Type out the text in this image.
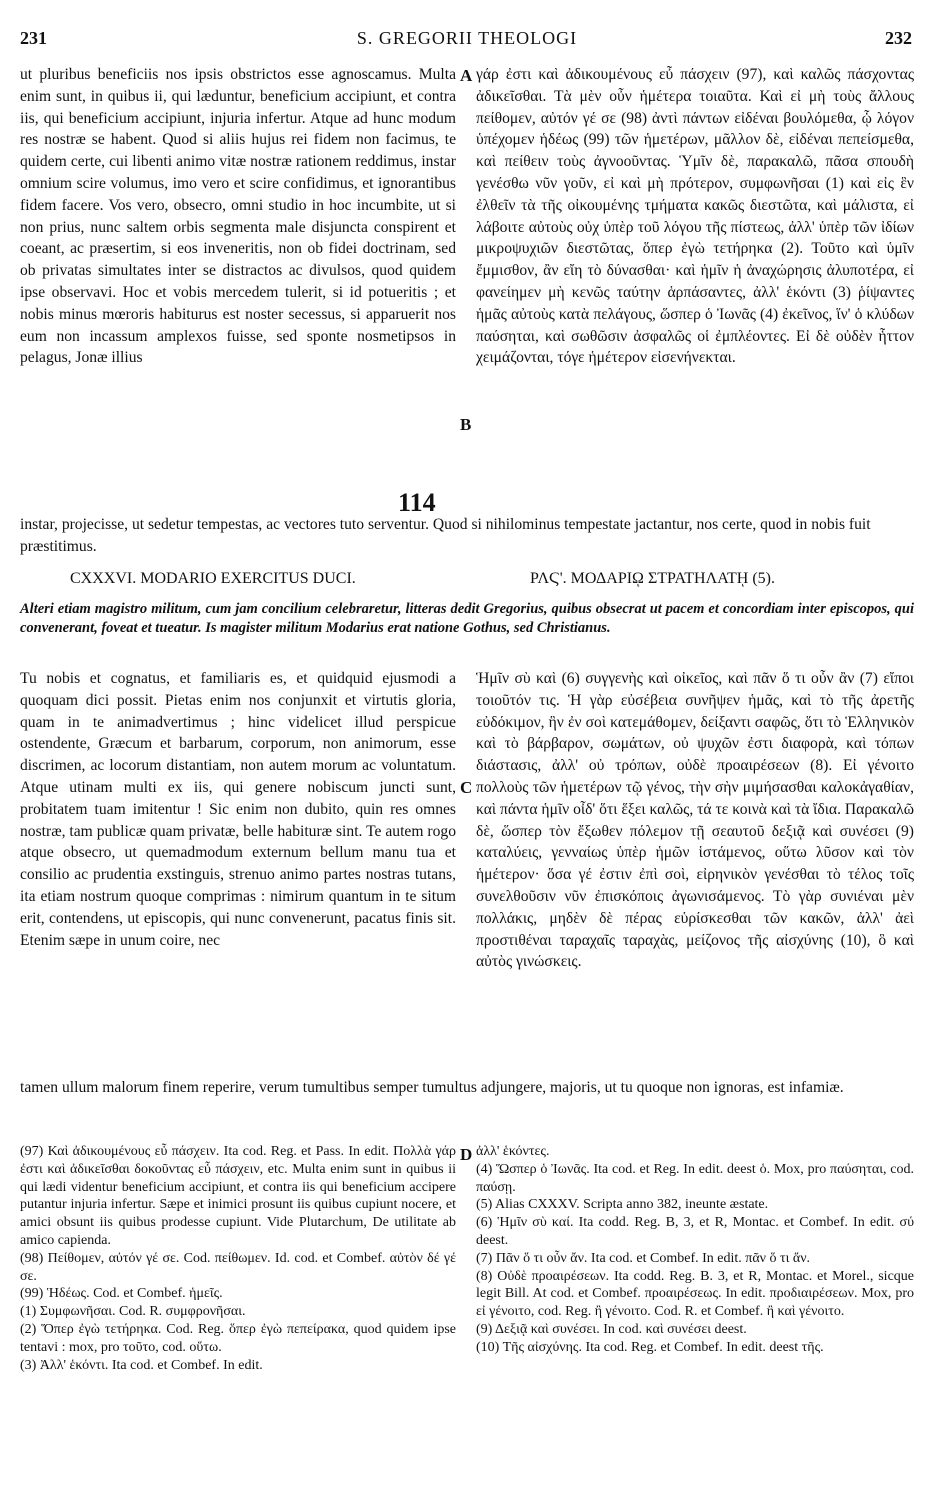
231	S. GREGORII THEOLOGI	232
ut pluribus beneficiis nos ipsis obstrictos esse agnoscamus. Multa enim sunt, in quibus ii, qui læduntur, beneficium accipiunt, et contra iis, qui beneficium accipiunt, injuria infertur. Atque ad hunc modum res nostræ se habent. Quod si aliis hujus rei fidem non facimus, te quidem certe, cui libenti animo vitæ nostræ rationem reddimus, instar omnium scire volumus, imo vero et scire confidimus, et ignorantibus fidem facere. Vos vero, obsecro, omni studio in hoc incumbite, ut si non prius, nunc saltem orbis segmenta male disjuncta conspirent et coeant, ac præsertim, si eos inveneritis, non ob fidei doctrinam, sed ob privatas simultates inter se distractos ac divulsos, quod quidem ipse observavi. Hoc et vobis mercedem tulerit, si id potueritis ; et nobis minus mœroris habiturus est noster secessus, si apparuerit nos eum non incassum amplexos fuisse, sed sponte nosmetipsos in pelagus, Jonæ illius
A γάρ ἐστι καὶ ἀδικουμένους εὖ πάσχειν (97), καὶ καλῶς πάσχοντας ἀδικεῖσθαι. Τὰ μὲν οὖν ἡμέτερα τοιαῦτα. Καὶ εἰ μὴ τοὺς ἄλλους πείθομεν, αὐτόν γέ σε (98) ἀντὶ πάντων εἰδέναι βουλόμεθα, ᾧ λόγον ὑπέχομεν ἡδέως (99) τῶν ἡμετέρων, μᾶλλον δὲ, εἰδέναι πεπείσμεθα, καὶ πείθειν τοὺς ἀγνοοῦντας. Ὑμῖν δὲ, παρακαλῶ, πᾶσα σπουδὴ γενέσθω νῦν γοῦν, εἰ καὶ μὴ πρότερον, συμφωνῆσαι (1) καὶ εἰς ἓν ἐλθεῖν τὰ τῆς οἰκουμένης τμήματα κακῶς διεστῶτα, καὶ μάλιστα, εἰ λάβοιτε αὐτοὺς οὐχ ὑπὲρ τοῦ λόγου τῆς πίστεως, ἀλλ' ὑπὲρ τῶν ἰδίων μικροψυχιῶν διεστῶτας, ὅπερ ἐγὼ τετήρηκα (2). Τοῦτο καὶ ὑμῖν ἔμμισθον, ἂν εἴη τὸ δύνασθαι· καὶ ἡμῖν ἡ ἀναχώρησις ἀλυποτέρα, εἰ φανείημεν μὴ κενῶς ταύτην ἁρπάσαντες, ἀλλ' ἑκόντι (3) ῥίψαντες ἡμᾶς αὐτοὺς κατὰ πελάγους, ὥσπερ ὁ Ἰωνᾶς (4) ἐκεῖνος, ἵν' ὁ κλύδων παύσηται, καὶ σωθῶσιν ἀσφαλῶς οἱ ἐμπλέοντες. Εἰ δὲ οὐδὲν ἧττον χειμάζονται, τόγε ἡμέτερον εἰσενήνεκται.
B
114
instar, projecisse, ut sedetur tempestas, ac vectores tuto serventur. Quod si nihilominus tempestate jactantur, nos certe, quod in nobis fuit præstitimus.
CXXXVI. MODARIO EXERCITUS DUCI.	ΡΛϚ'. ΜΟΔΑΡΙῼ ΣΤΡΑΤΗΛΑΤῌ (5).
Alteri etiam magistro militum, cum jam concilium celebraretur, litteras dedit Gregorius, quibus obsecrat ut pacem et concordiam inter episcopos, qui convenerant, foveat et tueatur. Is magister militum Modarius erat natione Gothus, sed Christianus.
Tu nobis et cognatus, et familiaris es, et quidquid ejusmodi a quoquam dici possit. Pietas enim nos conjunxit et virtutis gloria, quam in te animadvertimus ; hinc videlicet illud perspicue ostendente, Græcum et barbarum, corporum, non animorum, esse discrimen, ac locorum distantiam, non autem morum ac voluntatum. Atque utinam multi ex iis, qui genere nobiscum juncti sunt, probitatem tuam imitentur ! Sic enim non dubito, quin res omnes nostræ, tam publicæ quam privatæ, belle habituræ sint. Te autem rogo atque obsecro, ut quemadmodum externum bellum manu tua et consilio ac prudentia exstinguis, strenuo animo partes nostras tutans, ita etiam nostrum quoque comprimas : nimirum quantum in te situm erit, contendens, ut episcopis, qui nunc convenerunt, pacatus finis sit. Etenim sæpe in unum coire, nec
C
Ἡμῖν σὺ καὶ (6) συγγενὴς καὶ οἰκεῖος, καὶ πᾶν ὅ τι οὖν ἂν (7) εἴποι τοιοῦτόν τις. Ἡ γὰρ εὐσέβεια συνῆψεν ἡμᾶς, καὶ τὸ τῆς ἀρετῆς εὐδόκιμον, ἣν ἐν σοὶ κατεμάθομεν, δείξαντι σαφῶς, ὅτι τὸ Ἑλληνικὸν καὶ τὸ βάρβαρον, σωμάτων, οὐ ψυχῶν ἐστι διαφορὰ, καὶ τόπων διάστασις, ἀλλ' οὐ τρόπων, οὐδὲ προαιρέσεων (8). Εἰ γένοιτο πολλοὺς τῶν ἡμετέρων τῷ γένος, τὴν σὴν μιμήσασθαι καλοκἀγαθίαν, καὶ πάντα ἡμῖν οἶδ' ὅτι ἕξει καλῶς, τά τε κοινὰ καὶ τὰ ἴδια. Παρακαλῶ δὲ, ὥσπερ τὸν ἔξωθεν πόλεμον τῇ σεαυτοῦ δεξιᾷ καὶ συνέσει (9) καταλύεις, γενναίως ὑπὲρ ἡμῶν ἱστάμενος, οὕτω λῦσον καὶ τὸν ἡμέτερον· ὅσα γέ ἐστιν ἐπὶ σοὶ, εἰρηνικὸν γενέσθαι τὸ τέλος τοῖς συνελθοῦσιν νῦν ἐπισκόποις ἀγωνισάμενος. Τὸ γὰρ συνιέναι μὲν πολλάκις, μηδὲν δὲ πέρας εὑρίσκεσθαι τῶν κακῶν, ἀλλ' ἀεὶ προστιθέναι ταραχαῖς ταραχὰς, μείζονος τῆς αἰσχύνης (10), ὃ καὶ αὐτὸς γινώσκεις.
tamen ullum malorum finem reperire, verum tumultibus semper tumultus adjungere, majoris, ut tu quoque non ignoras, est infamiæ.
D

(97) Καὶ ἀδικουμένους εὖ πάσχειν. Ita cod. Reg. et Pass. In edit. Πολλὰ γάρ ἐστι καὶ ἀδικεῖσθαι δοκοῦντας εὖ πάσχειν, etc. Multa enim sunt in quibus ii qui lædi videntur beneficium accipiunt, et contra iis qui beneficium accipere putantur injuria infertur. Sæpe et inimici prosunt iis quibus cupiunt nocere, et amici obsunt iis quibus prodesse cupiunt. Vide Plutarchum, De utilitate ab amico capienda.

(98) Πείθομεν, αὐτόν γέ σε. Cod. πείθωμεν. Id. cod. et Combef. αὐτὸν δέ γέ σε.

(99) Ἡδέως. Cod. et Combef. ἡμεῖς.

(1) Συμφωνῆσαι. Cod. R. συμφρονῆσαι.

(2) Ὅπερ ἐγὼ τετήρηκα. Cod. Reg. ὅπερ ἐγὼ πεπείρακα, quod quidem ipse tentavi : mox, pro τοῦτο, cod. οὕτω.

(3) Ἀλλ' ἑκόντι. Ita cod. et Combef. In edit.

ἀλλ' ἑκόντες.

(4) Ὥσπερ ὁ Ἰωνᾶς. Ita cod. et Reg. In edit. deest ὁ. Mox, pro παύσηται, cod. παύσῃ.

(5) Alias CXXXV. Scripta anno 382, ineunte æstate.

(6) Ἡμῖν σὺ καί. Ita codd. Reg. B, 3, et R, Montac. et Combef. In edit. σύ deest.

(7) Πᾶν ὅ τι οὖν ἄν. Ita cod. et Combef. In edit. πᾶν ὅ τι ἄν.

(8) Οὐδὲ προαιρέσεων. Ita codd. Reg. B. 3, et R, Montac. et Morel., sicque legit Bill. At cod. et Combef. προαιρέσεως. In edit. προδιαιρέσεων. Mox, pro εἰ γένοιτο, cod. Reg. ἢ γένοιτο. Cod. R. et Combef. ἢ καὶ γένοιτο.

(9) Δεξιᾷ καὶ συνέσει. In cod. καὶ συνέσει deest.

(10) Τῆς αἰσχύνης. Ita cod. Reg. et Combef. In edit. deest τῆς.
